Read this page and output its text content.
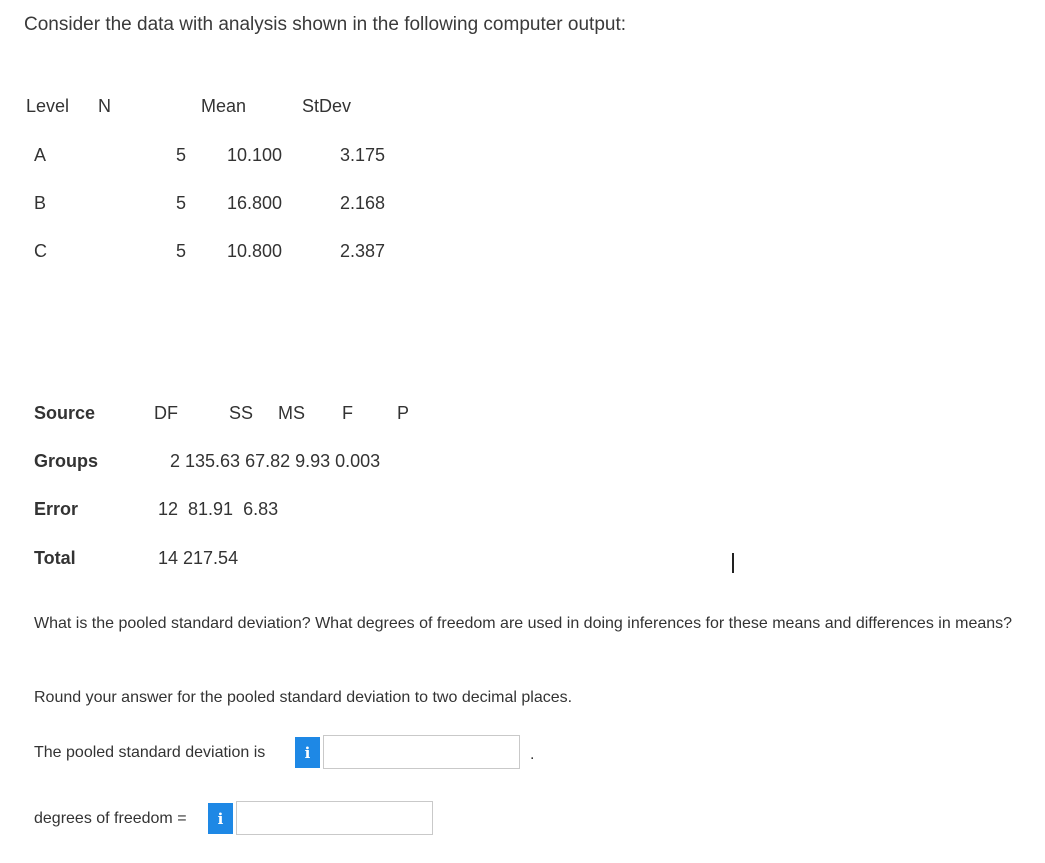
Consider the data with analysis shown in the following computer output:
Level N	Mean	StDev
A	5 10.100	3.175
B	5 16.800	2.168
C	5 10.800	2.387
Source	DF	SS MS F P
Groups	2 135.63 67.82 9.93 0.003
Error	12  81.91  6.83
Total	14 217.54
What is the pooled standard deviation? What degrees of freedom are used in doing inferences for these means and differences in means?
Round your answer for the pooled standard deviation to two decimal places.
The pooled standard deviation is	i	.
degrees of freedom =	i
